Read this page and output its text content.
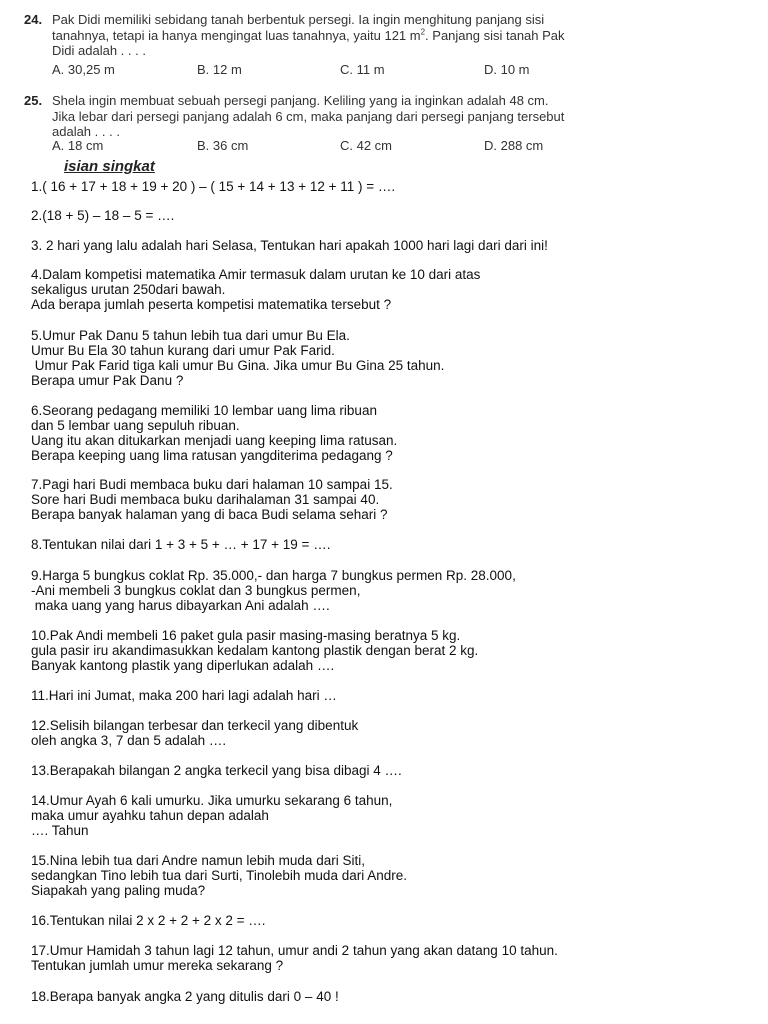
24. Pak Didi memiliki sebidang tanah berbentuk persegi. Ia ingin menghitung panjang sisi
tanahnya, tetapi ia hanya mengingat luas tanahnya, yaitu 121 $m^2$. Panjang sisi tanah Pak
Didi adalah . . . .
A. 30,25 m	B. 12 m	C. 11 m	D. 10 m
25. Shela ingin membuat sebuah persegi panjang. Keliling yang ia inginkan adalah 48 cm.
Jika lebar dari persegi panjang adalah 6 cm, maka panjang dari persegi panjang tersebut
adalah . . . .
A. 18 cm	B. 36 cm	C. 42 cm	D. 288 cm
isian singkat
1.( 16 + 17 + 18 + 19 + 20 ) – ( 15 + 14 + 13 + 12 + 11 ) = ….
2.(18 + 5) – 18 – 5 = ….
3. 2 hari yang lalu adalah hari Selasa, Tentukan hari apakah 1000 hari lagi dari dari ini!
4.Dalam kompetisi matematika Amir termasuk dalam urutan ke 10 dari atas
sekaligus urutan 250dari bawah.
Ada berapa jumlah peserta kompetisi matematika tersebut ?
5.Umur Pak Danu 5 tahun lebih tua dari umur Bu Ela.
Umur Bu Ela 30 tahun kurang dari umur Pak Farid.
Umur Pak Farid tiga kali umur Bu Gina. Jika umur Bu Gina 25 tahun.
Berapa umur Pak Danu ?
6.Seorang pedagang memiliki 10 lembar uang lima ribuan
dan 5 lembar uang sepuluh ribuan.
Uang itu akan ditukarkan menjadi uang keeping lima ratusan.
Berapa keeping uang lima ratusan yangditerima pedagang ?
7.Pagi hari Budi membaca buku dari halaman 10 sampai 15.
Sore hari Budi membaca buku darihalaman 31 sampai 40.
Berapa banyak halaman yang di baca Budi selama sehari ?
8.Tentukan nilai dari 1 + 3 + 5 + … + 17 + 19 = ….
9.Harga 5 bungkus coklat Rp. 35.000,- dan harga 7 bungkus permen Rp. 28.000,
-Ani membeli 3 bungkus coklat dan 3 bungkus permen,
maka uang yang harus dibayarkan Ani adalah ….
10.Pak Andi membeli 16 paket gula pasir masing-masing beratnya 5 kg.
gula pasir iru akandimasukkan kedalam kantong plastik dengan berat 2 kg.
Banyak kantong plastik yang diperlukan adalah ….
11.Hari ini Jumat, maka 200 hari lagi adalah hari …
12.Selisih bilangan terbesar dan terkecil yang dibentuk
oleh angka 3, 7 dan 5 adalah ….
13.Berapakah bilangan 2 angka terkecil yang bisa dibagi 4 ….
14.Umur Ayah 6 kali umurku. Jika umurku sekarang 6 tahun,
maka umur ayahku tahun depan adalah
…. Tahun
15.Nina lebih tua dari Andre namun lebih muda dari Siti,
sedangkan Tino lebih tua dari Surti, Tinolebih muda dari Andre.
Siapakah yang paling muda?
16.Tentukan nilai 2 x 2 + 2 + 2 x 2 = ….
17.Umur Hamidah 3 tahun lagi 12 tahun, umur andi 2 tahun yang akan datang 10 tahun.
Tentukan jumlah umur mereka sekarang ?
18.Berapa banyak angka 2 yang ditulis dari 0 – 40 !
